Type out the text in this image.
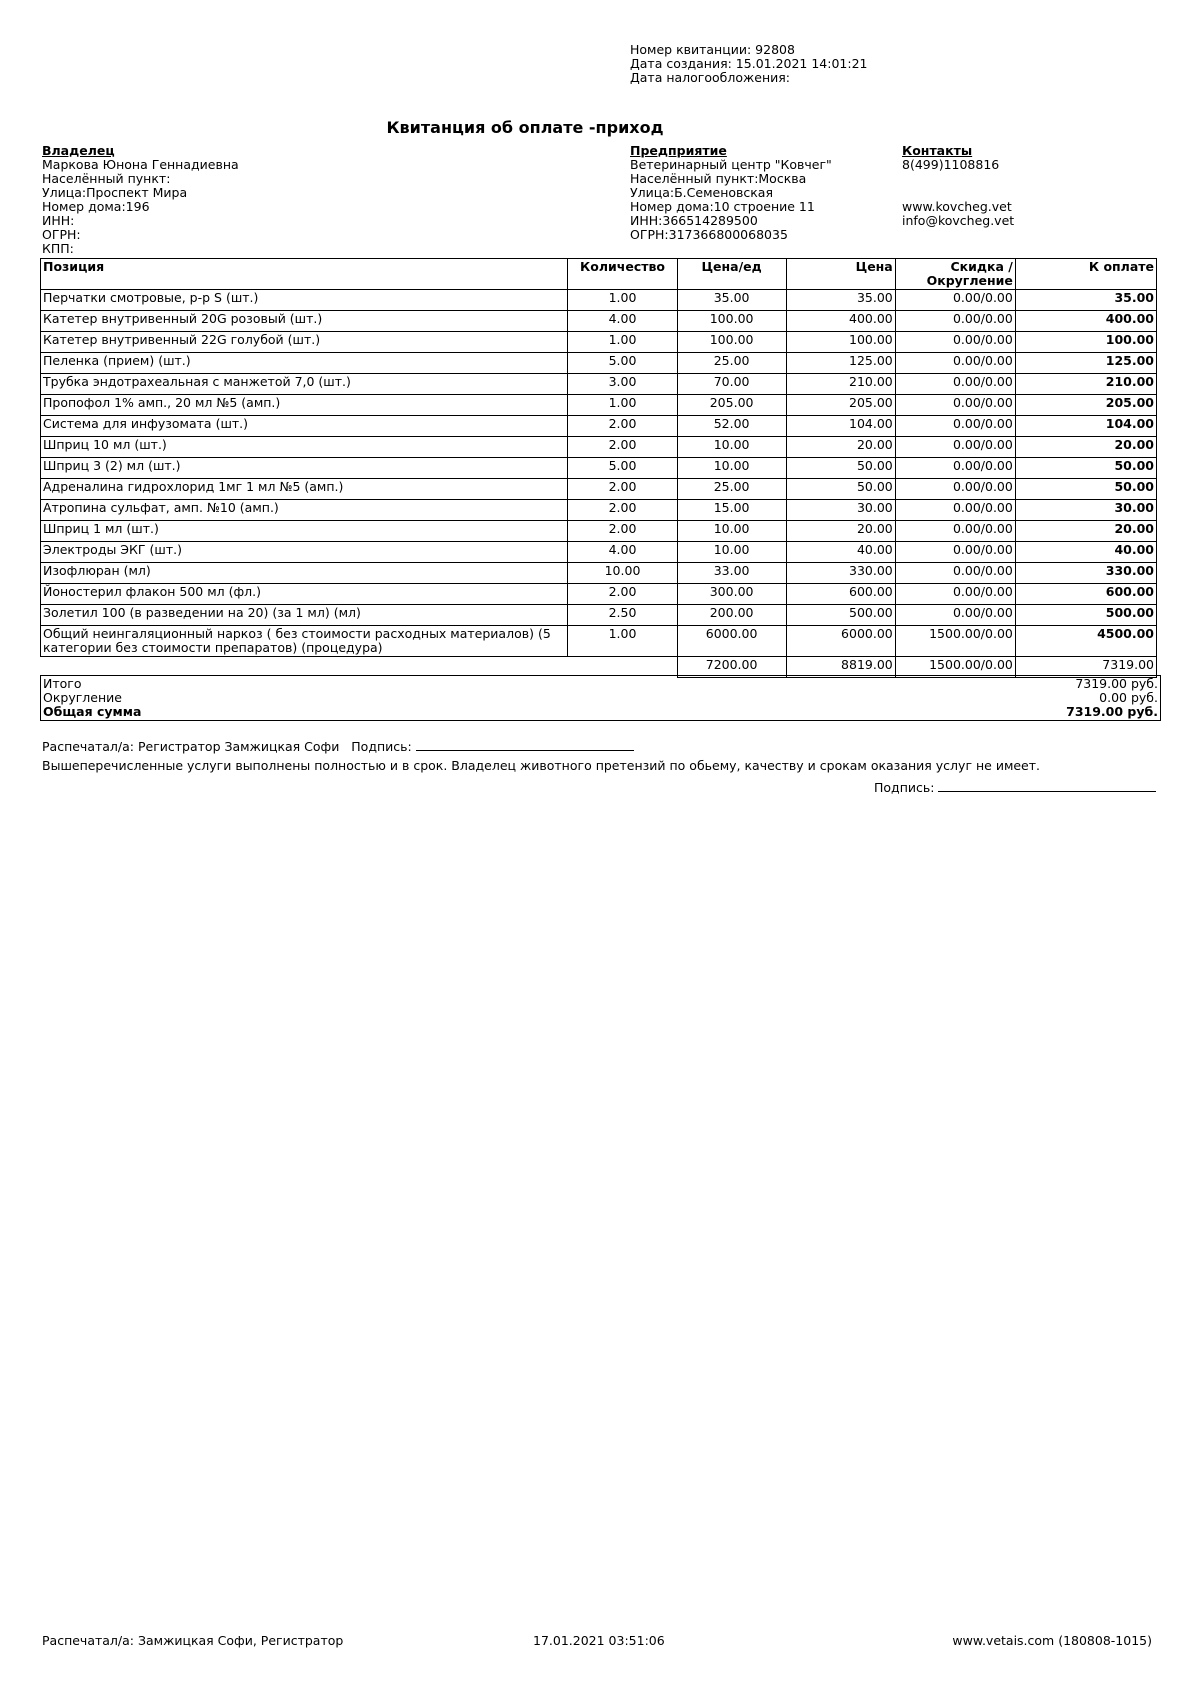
Номер квитанции: 92808
Дата создания: 15.01.2021 14:01:21
Дата налогообложения:
Квитанция об оплате -приход
Владелец
Маркова Юнона Геннадиевна
Населённый пункт:
Улица:Проспект Мира
Номер дома:196
ИНН:
ОГРН:
КПП:
Предприятие
Ветеринарный центр "Ковчег"
Населённый пункт:Москва
Улица:Б.Семеновская
Номер дома:10 строение 11
ИНН:366514289500
ОГРН:317366800068035
Контакты
8(499)1108816
www.kovcheg.vet
info@kovcheg.vet
Позиция	Количество	Цена/ед	Цена	Скидка /
Округление	К оплате
Перчатки смотровые, р-р S (шт.)	1.00	35.00	35.00	0.00/0.00	35.00
Катетер внутривенный 20G розовый (шт.)	4.00	100.00	400.00	0.00/0.00	400.00
Катетер внутривенный 22G голубой (шт.)	1.00	100.00	100.00	0.00/0.00	100.00
Пеленка (прием) (шт.)	5.00	25.00	125.00	0.00/0.00	125.00
Трубка эндотрахеальная с манжетой 7,0 (шт.)	3.00	70.00	210.00	0.00/0.00	210.00
Пропофол 1% амп., 20 мл №5 (амп.)	1.00	205.00	205.00	0.00/0.00	205.00
Система для инфузомата (шт.)	2.00	52.00	104.00	0.00/0.00	104.00
Шприц 10 мл (шт.)	2.00	10.00	20.00	0.00/0.00	20.00
Шприц 3 (2) мл (шт.)	5.00	10.00	50.00	0.00/0.00	50.00
Адреналина гидрохлорид 1мг 1 мл №5 (амп.)	2.00	25.00	50.00	0.00/0.00	50.00
Атропина сульфат, амп. №10 (амп.)	2.00	15.00	30.00	0.00/0.00	30.00
Шприц 1 мл (шт.)	2.00	10.00	20.00	0.00/0.00	20.00
Электроды ЭКГ (шт.)	4.00	10.00	40.00	0.00/0.00	40.00
Изофлюран (мл)	10.00	33.00	330.00	0.00/0.00	330.00
Йоностерил флакон 500 мл (фл.)	2.00	300.00	600.00	0.00/0.00	600.00
Золетил 100 (в разведении на 20) (за 1 мл) (мл)	2.50	200.00	500.00	0.00/0.00	500.00
Общий неингаляционный наркоз ( без стоимости расходных материалов) (5 категории без стоимости препаратов) (процедура)	1.00	6000.00	6000.00	1500.00/0.00	4500.00
		7200.00	8819.00	1500.00/0.00	7319.00
Итого	7319.00 руб.
Округление	0.00 руб.
Общая сумма	7319.00 руб.
Распечатал/а: Регистратор Замжицкая Софи Подпись:
Вышеперечисленные услуги выполнены полностью и в срок. Владелец животного претензий по обьему, качеству и срокам оказания услуг не имеет.
Подпись:
Распечатал/а: Замжицкая Софи, Регистратор	17.01.2021 03:51:06	www.vetais.com (180808-1015)
